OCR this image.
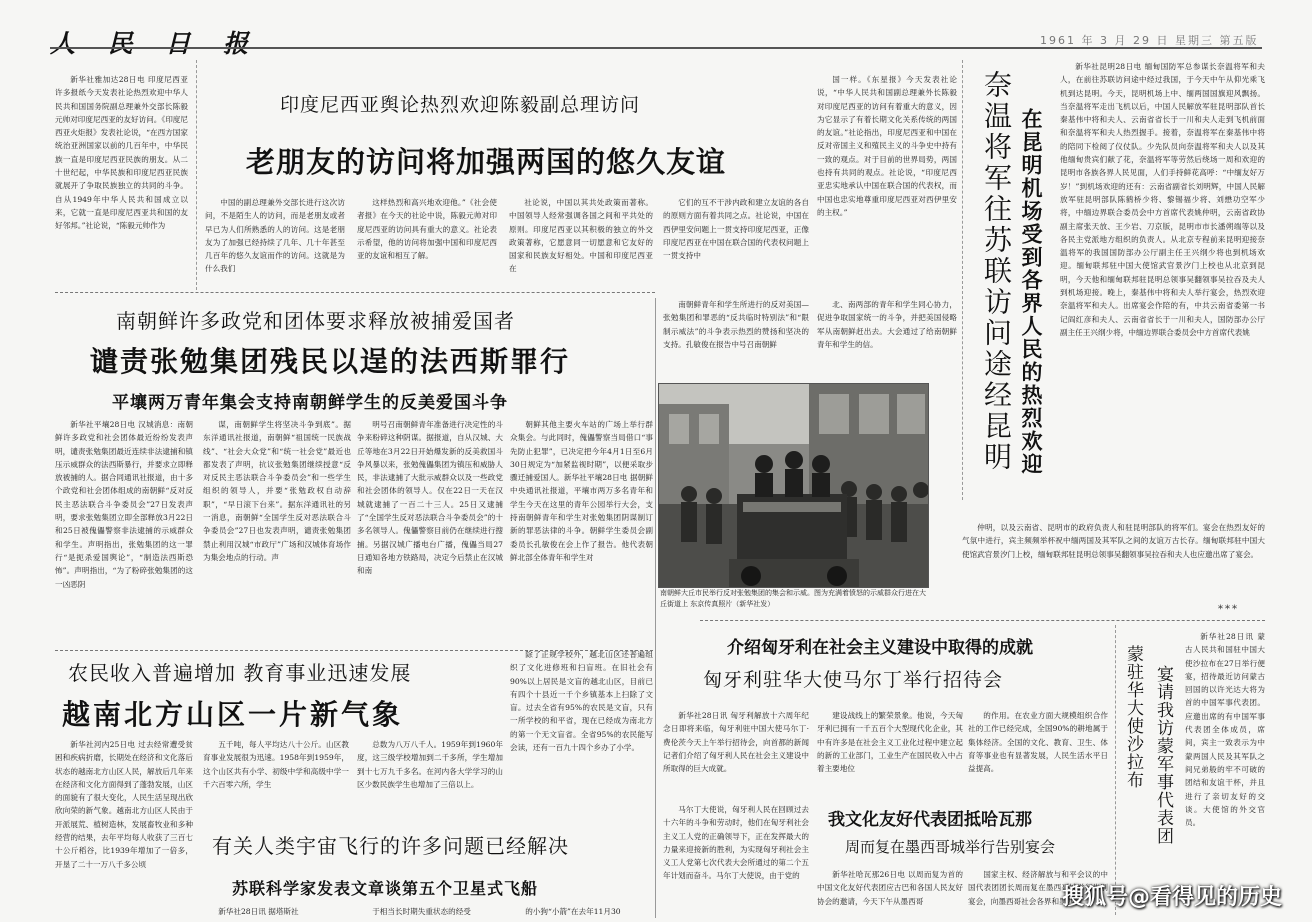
人 民 日 报	1961 年 3 月 29 日 星期三 第五版

新华社雅加达28日电 印度尼西亚许多报纸今天发表社论热烈欢迎中华人民共和国国务院副总理兼外交部长陈毅元帅对印度尼西亚的友好访问。《印度尼西亚火炬报》发表社论说，“在西方国家统治亚洲国家以前的几百年中，中华民族一直是印度尼西亚民族的朋友。从二十世纪起，中华民族和印度尼西亚民族就展开了争取民族独立的共同的斗争。自从1949年中华人民共和国成立以来，它就一直是印度尼西亚共和国的友好邻邦。”社论说，“陈毅元帅作为

印度尼西亚舆论热烈欢迎陈毅副总理访问
老朋友的访问将加强两国的悠久友谊

中国的副总理兼外交部长进行这次访问，不是陌生人的访问，而是老朋友或者早已为人们所熟悉的人的访问。这是老朋友为了加强已经持续了几年、几十年甚至几百年的悠久友谊而作的访问。这就是为什么我们

这样热烈和高兴地欢迎他。”《社会使者报》在今天的社论中说，陈毅元帅对印度尼西亚的访问具有重大的意义。社论表示希望，他的访问将加强中国和印度尼西亚的友谊和相互了解。

社论说，中国以其共处政策而著称。中国领导人经常强调各国之间和平共处的原则。印度尼西亚以其积极的独立的外交政策著称，它愿意同一切愿意和它友好的国家和民族友好相处。中国和印度尼西亚在

它们的互不干涉内政和建立友谊的各自的原则方面有着共同之点。社论说，中国在西伊里安问题上一贯支持印度尼西亚，正像印度尼西亚在中国在联合国的代表权问题上一贯支持中

国一样。《东星报》今天发表社论说，“中华人民共和国副总理兼外长陈毅对印度尼西亚的访问有着重大的意义，因为它显示了有着长期文化关系传统的两国的友谊。”社论指出，印度尼西亚和中国在反对帝国主义和殖民主义的斗争史中持有一致的观点。对于目前的世界局势，两国也持有共同的观点。社论说，“印度尼西亚忠实地承认中国在联合国的代表权，而中国也忠实地尊重印度尼西亚对西伊里安的主权。”

南朝鲜许多政党和团体要求释放被捕爱国者
谴责张勉集团残民以逞的法西斯罪行
平壤两万青年集会支持南朝鲜学生的反美爱国斗争

新华社平壤28日电 汉城消息：南朝鲜许多政党和社会团体最近纷纷发表声明，谴责张勉集团最近连续非法逮捕和镇压示威群众的法西斯暴行，并要求立即释放被捕的人。据合同通讯社报道，由十多个政党和社会团体组成的南朝鲜“反对反民主恶法联合斗争委员会”27日发表声明，要求张勉集团立即全部释放3月22日和25日被傀儡警察非法逮捕的示威群众和学生。声明指出，张勉集团的这一罪行“是扼杀爱国舆论”，“制造法西斯恐怖”。声明指出，“为了粉碎张勉集团的这一凶恶阴

谋，南朝鲜学生将坚决斗争到底”。据东洋通讯社报道，南朝鲜“祖国统一民族战线”、“社会大众党”和“统一社会党”最近也都发表了声明，抗议张勉集团继续授意“反对反民主恶法联合斗争委员会”和一些学生组织的领导人，并要“张勉政权自动辞职”，“早日滚下台来”。据东洋通讯社的另一消息，南朝鲜“全国学生反对恶法联合斗争委员会”27日也发表声明，谴责张勉集团禁止利用汉城“市政厅”广场和汉城体育场作为集会地点的行动。声

明号召南朝鲜青年准备进行决定性的斗争来粉碎这种阴谋。据报道，自从汉城、大丘等地在3月22日开始爆发新的反美救国斗争风暴以来，张勉傀儡集团为镇压和威胁人民，非法逮捕了大批示威群众以及一些政党和社会团体的领导人。仅在22日一天在汉城就逮捕了一百二十三人。25日又逮捕了“全国学生反对恶法联合斗争委员会”的十多名领导人。傀儡警察目前仍在继续进行搜捕。另据汉城广播电台广播，傀儡当局27日通知各地方铁路局，决定今后禁止在汉城和南

朝鲜其他主要火车站的广场上举行群众集会。与此同时，傀儡警察当局借口“事先防止犯罪”，已决定把今年4月1日至6月30日规定为“加紧监视时期”，以便采取步骤迁捕爱国人。新华社平壤28日电 据朝鲜中央通讯社报道，平壤市两万多名青年和学生今天在这里的青年公园举行大会，支持南朝鲜青年和学生对张勉集团阴谋制订新的罪恶法律的斗争。朝鲜学生委员会副委员长孔敏俊在会上作了报告。他代表朝鲜北部全体青年和学生对

南朝鲜青年和学生所进行的反对美国—张勉集团和罪恶的“反共临时特别法”和“限制示威法”的斗争表示热烈的赞扬和坚决的支持。孔敏俊在报告中号召南朝鲜

北、南两部的青年和学生同心协力，促进争取国家统一的斗争，并把美国侵略军从南朝鲜赶出去。大会通过了给南朝鲜青年和学生的信。

南朝鲜大丘市民举行反对张勉集团的集会和示威。图为充满着愤怒的示威群众行进在大丘街道上 东京传真照片（新华社发）
奈温将军往苏联访问途经昆明 在昆明机场受到各界人民的热烈欢迎

新华社昆明28日电 缅甸国防军总参谋长奈温将军和夫人，在前往苏联访问途中经过我国，于今天中午从仰光乘飞机到达昆明。今天，昆明机场上中、缅两国国旗迎风飘扬。当奈温将军走出飞机以后，中国人民解放军驻昆明部队首长秦基伟中将和夫人、云南省省长于一川和夫人走到飞机前面和奈温将军和夫人热烈握手。接着，奈温将军在秦基伟中将的陪同下检阅了仪仗队。少先队员向奈温将军和夫人以及其他缅甸贵宾们献了花，奈温将军等劳然后绕场一周和欢迎的昆明市各族各界人民见面，人们手持鲜花高呼：“中缅友好万岁！”到机场欢迎的还有：云南省副省长刘明辉，中国人民解放军驻昆明部队陈鹤桥少将、黎锡福少将、刘懋功空军少将，中缅边界联合委员会中方首席代表姚仲明，云南省政协副主席张天放、王少岩、刀京版，昆明市市长潘朔端等以及各民主党派地方组织的负责人。从北京专程前来昆明迎接奈温将军的我国国防部办公厅副主任王兴纲少将也到机场欢迎。缅甸联邦驻中国大使馆武官景汐门上校也从北京到昆明，今天他和缅甸联邦驻昆明总领事吴翻领事吴拉吞及夫人到机场迎接。晚上，秦基伟中将和夫人举行宴会，热烈欢迎奈温将军和夫人。出席宴会作陪的有，中共云南省委第一书记阎红彦和夫人、云南省省长于一川和夫人，国防部办公厅副主任王兴纲少将，中缅边界联合委员会中方首席代表姚

仲明，以及云南省、昆明市的政府负责人和驻昆明部队的将军们。宴会在热烈友好的气氛中进行，宾主频频举杯祝中缅两国及其军队之间的友谊万古长存。缅甸联邦驻中国大使馆武官景汐门上校，缅甸联邦驻昆明总领事吴翻领事吴拉吞和夫人也应邀出席了宴会。

***
介绍匈牙利在社会主义建设中取得的成就
匈牙利驻华大使马尔丁举行招待会

新华社28日讯 匈牙利解放十六周年纪念日即将来临，匈牙利驻中国大使马尔丁·费伦茨今天上午举行招待会，向首都的新闻记者们介绍了匈牙利人民在社会主义建设中所取得的巨大成就。

建设战线上的繁荣景象。他说，今天匈牙利已拥有一千五百个大型现代化企业，其中有许多是在社会主义工业化过程中建立起的新的工业部门，工业生产在国民收入中占着主要地位

的作用。在农业方面大规模组织合作社的工作已经完成，全国90%的耕地属于集体经济。全国的文化、教育、卫生、体育等事业也有显著发展，人民生活水平日益提高。

马尔丁大使说，匈牙利人民在回顾过去十六年的斗争和劳动时，他们在匈牙利社会主义工人党的正确领导下，正在发挥最大的力量来迎接新的胜利，为实现匈牙利社会主义工人党第七次代表大会所通过的第二个五年计划而奋斗。马尔丁大使说，由于党的

我文化友好代表团抵哈瓦那
周而复在墨西哥城举行告别宴会

新华社哈瓦那26日电 以周而复为首的中国文化友好代表团应古巴和各国人民友好协会的邀请，今天下午从墨西哥

国家主权、经济解放与和平会议的中国代表团团长周而复在墨西哥城举行告别宴会，向墨西哥社会各界和墨西

蒙驻华大使沙拉布 宴请我访蒙军事代表团

新华社28日讯 蒙古人民共和国驻中国大使沙拉布在27日举行便宴，招待最近访问蒙古回国的以许光达大将为首的中国军事代表团。应邀出席的有中国军事代表团全体成员，席间，宾主一致表示为中蒙两国人民及其军队之间兄弟般的牢不可破的团结和友谊干杯，并且进行了亲切友好的交谈。大使馆的外交官员。

农民收入普遍增加 教育事业迅速发展
越南北方山区一片新气象

新华社河内25日电 过去经常遭受贫困和疾病折磨，长期处在经济和文化落后状态的越南北方山区人民，解放后几年来在经济和文化方面得到了蓬勃发展，山区的面貌有了很大变化，人民生活呈现出欣欣向荣的新气象。越南北方山区人民由于开派展荒、植树造林，发展畜牧业和多种经营的结果，去年平均每人收获了三百七十公斤稻谷，比1939年增加了一倍多，开垦了二十一万八千多公顷

五千吨，每人平均达八十公斤。山区教育事业发展很为迅速。1958年到1959年，这个山区共有小学、初级中学和高级中学一千六百零六所，学生

总数为八万八千人。1959年到1960年度，这三级学校增加到二千多所，学生增加到十七万九千多名。在河内各大学学习的山区少数民族学生也增加了三倍以上。

除了正规学校外，越北山区还普遍组织了文化进修班和扫盲班。在旧社会有90%以上居民是文盲的越北山区，目前已有四个十县近一千个乡镇基本上扫除了文盲。过去全省有95%的农民是文盲，只有一所学校的和平省，现在已经成为南北方的第一个无文盲省。全省95%的农民能写会读，还有一百九十四个乡办了小学。

有关人类宇宙飞行的许多问题已经解决
苏联科学家发表文章谈第五个卫星式飞船

新华社28日讯 据塔斯社	于相当长时期失重状态的经受	的小狗“小箭”在去年11月30

搜狐号@看得见的历史
